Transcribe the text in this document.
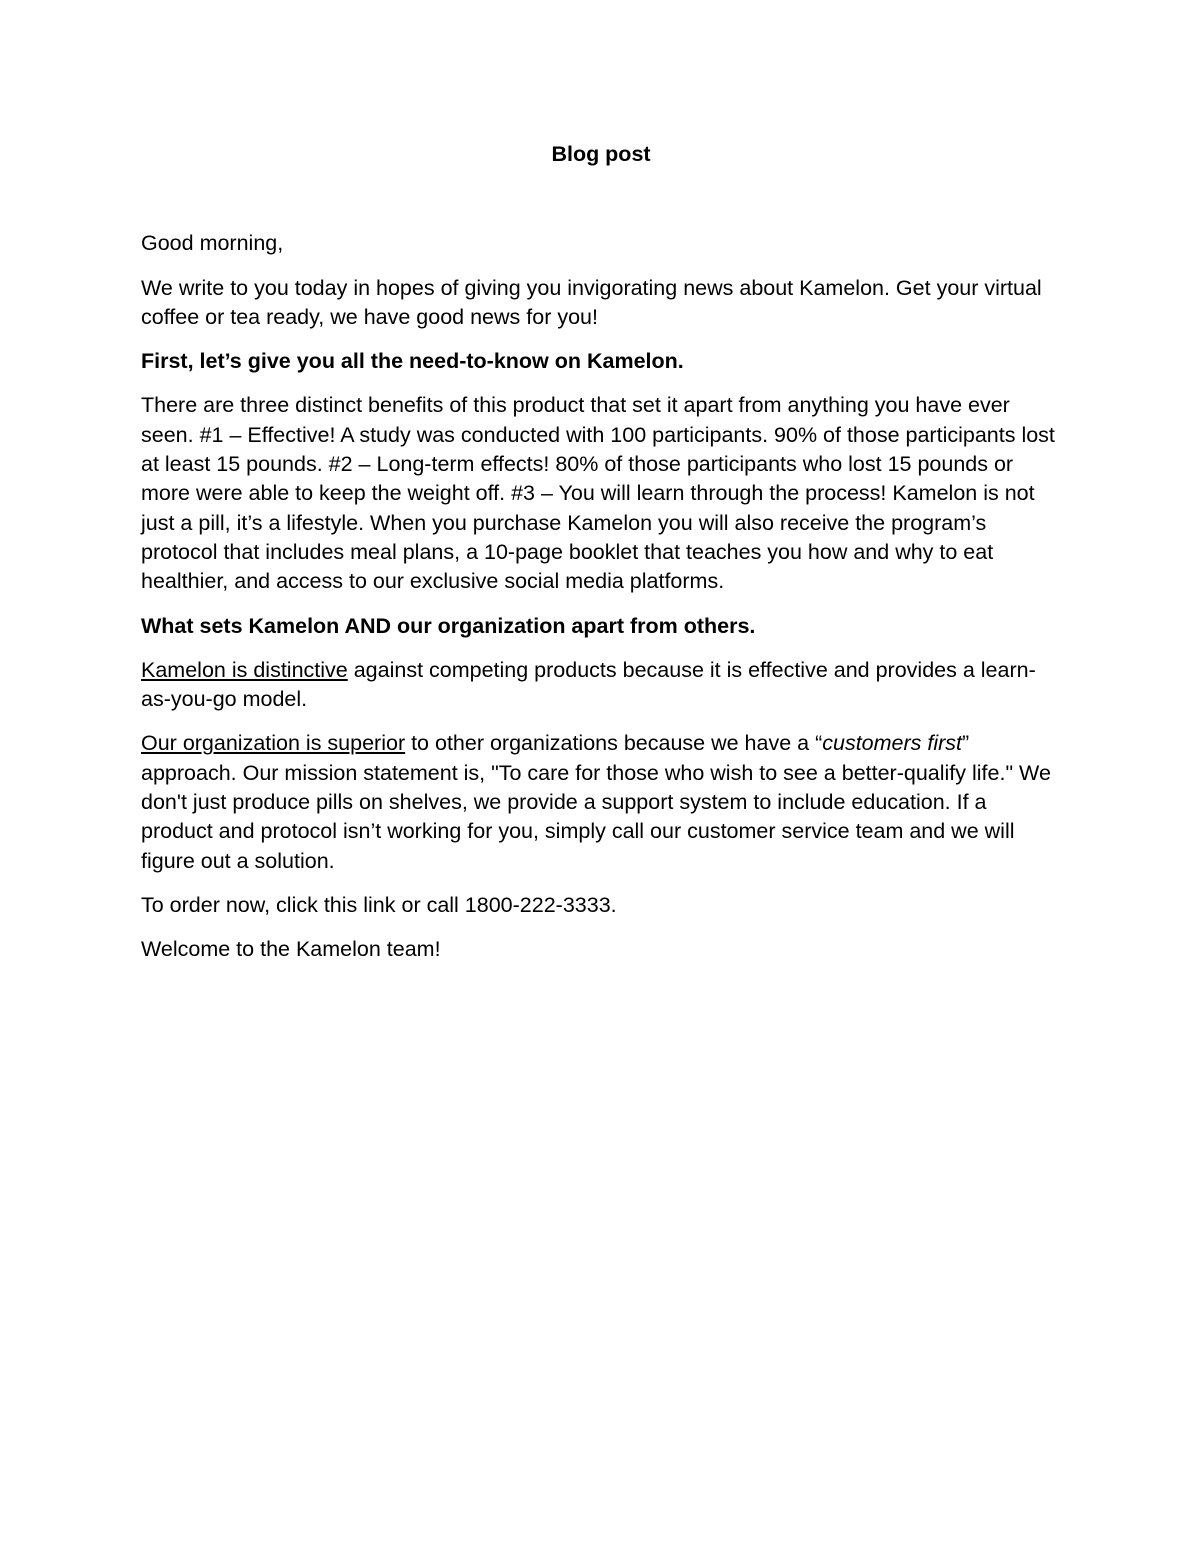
Blog post

Good morning,

We write to you today in hopes of giving you invigorating news about Kamelon. Get your virtual coffee or tea ready, we have good news for you!

First, let’s give you all the need-to-know on Kamelon.

There are three distinct benefits of this product that set it apart from anything you have ever seen. #1 – Effective! A study was conducted with 100 participants. 90% of those participants lost at least 15 pounds. #2 – Long-term effects! 80% of those participants who lost 15 pounds or more were able to keep the weight off. #3 – You will learn through the process! Kamelon is not just a pill, it’s a lifestyle. When you purchase Kamelon you will also receive the program’s protocol that includes meal plans, a 10-page booklet that teaches you how and why to eat healthier, and access to our exclusive social media platforms.

What sets Kamelon AND our organization apart from others.

Kamelon is distinctive against competing products because it is effective and provides a learn-as-you-go model.

Our organization is superior to other organizations because we have a “customers first” approach. Our mission statement is, "To care for those who wish to see a better-qualify life." We don't just produce pills on shelves, we provide a support system to include education. If a product and protocol isn’t working for you, simply call our customer service team and we will figure out a solution.

To order now, click this link or call 1800-222-3333.

Welcome to the Kamelon team!
